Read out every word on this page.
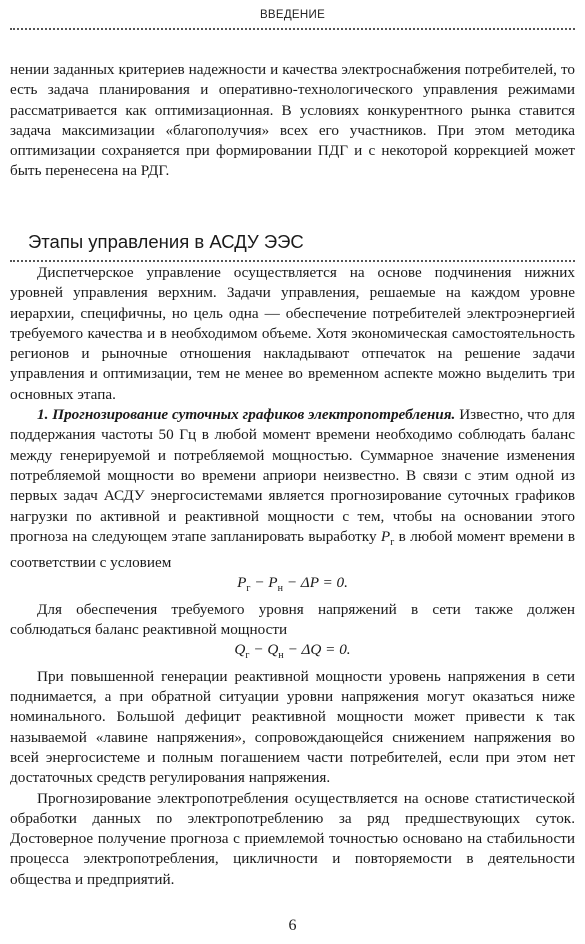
ВВЕДЕНИЕ

нении заданных критериев надежности и качества электроснабжения потребителей, то есть задача планирования и оперативно-технологического управления режимами рассматривается как оптимизационная. В условиях конкурентного рынка ставится задача максимизации «благополучия» всех его участников. При этом методика оптимизации сохраняется при формировании ПДГ и с некоторой коррекцией может быть перенесена на РДГ.

Этапы управления в АСДУ ЭЭС

Диспетчерское управление осуществляется на основе подчинения нижних уровней управления верхним. Задачи управления, решаемые на каждом уровне иерархии, специфичны, но цель одна — обеспечение потребителей электроэнергией требуемого качества и в необходимом объеме. Хотя экономическая самостоятельность регионов и рыночные отношения накладывают отпечаток на решение задачи управления и оптимизации, тем не менее во временном аспекте можно выделить три основных этапа.

1. Прогнозирование суточных графиков электропотребления. Известно, что для поддержания частоты 50 Гц в любой момент времени необходимо соблюдать баланс между генерируемой и потребляемой мощностью. Суммарное значение изменения потребляемой мощности во времени априори неизвестно. В связи с этим одной из первых задач АСДУ энергосистемами является прогнозирование суточных графиков нагрузки по активной и реактивной мощности с тем, чтобы на основании этого прогноза на следующем этапе запланировать выработку $P_г$ в любой момент времени в соответствии с условием

$P_г - P_н - \Delta P = 0$.

Для обеспечения требуемого уровня напряжений в сети также должен соблюдаться баланс реактивной мощности

$Q_г - Q_н - \Delta Q = 0$.

При повышенной генерации реактивной мощности уровень напряжения в сети поднимается, а при обратной ситуации уровни напряжения могут оказаться ниже номинального. Большой дефицит реактивной мощности может привести к так называемой «лавине напряжения», сопровождающейся снижением напряжения во всей энергосистеме и полным погашением части потребителей, если при этом нет достаточных средств регулирования напряжения.

Прогнозирование электропотребления осуществляется на основе статистической обработки данных по электропотреблению за ряд предшествующих суток. Достоверное получение прогноза с приемлемой точностью основано на стабильности процесса электропотребления, цикличности и повторяемости в деятельности общества и предприятий.

6
